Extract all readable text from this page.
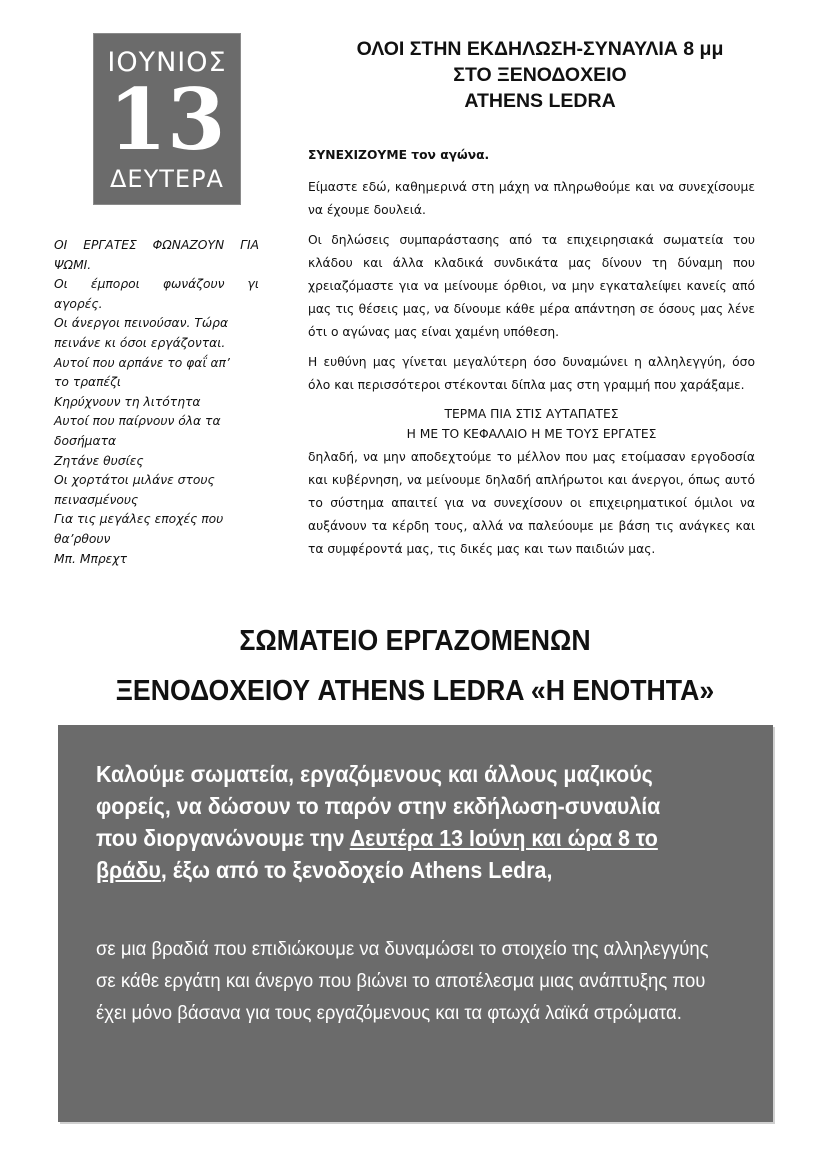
ΙΟΥΝΙΟΣ
13
ΔΕΥΤΕΡΑ
ΟΛΟΙ ΣΤΗΝ ΕΚΔΗΛΩΣΗ-ΣΥΝΑΥΛΙΑ 8 μμ
ΣΤΟ ΞΕΝΟΔΟΧΕΙΟ
ATHENS LEDRA

ΣΥΝΕΧΙΖΟΥΜΕ τον αγώνα.

Είμαστε εδώ, καθημερινά στη μάχη να πληρωθούμε και να συνεχίσουμε να έχουμε δουλειά.

Οι δηλώσεις συμπαράστασης από τα επιχειρησιακά σωματεία του κλάδου και άλλα κλαδικά συνδικάτα μας δίνουν τη δύναμη που χρειαζόμαστε για να μείνουμε όρθιοι, να μην εγκαταλείψει κανείς από μας τις θέσεις μας, να δίνουμε κάθε μέρα απάντηση σε όσους μας λένε ότι ο αγώνας μας είναι χαμένη υπόθεση.

Η ευθύνη μας γίνεται μεγαλύτερη όσο δυναμώνει η αλληλεγγύη, όσο όλο και περισσότεροι στέκονται δίπλα μας στη γραμμή που χαράξαμε.

ΤΕΡΜΑ ΠΙΑ ΣΤΙΣ ΑΥΤΑΠΑΤΕΣ

Η ΜΕ ΤΟ ΚΕΦΑΛΑΙΟ Η ΜΕ ΤΟΥΣ ΕΡΓΑΤΕΣ

δηλαδή, να μην αποδεχτούμε το μέλλον που μας ετοίμασαν εργοδοσία και κυβέρνηση, να μείνουμε δηλαδή απλήρωτοι και άνεργοι, όπως αυτό το σύστημα απαιτεί για να συνεχίσουν οι επιχειρηματικοί όμιλοι να αυξάνουν τα κέρδη τους, αλλά να παλεύουμε με βάση τις ανάγκες και τα συμφέροντά μας, τις δικές μας και των παιδιών μας.

ΟΙ ΕΡΓΑΤΕΣ ΦΩΝΑΖΟΥΝ ΓΙΑ
ΨΩΜΙ.
Οι έμποροι φωνάζουν γι
αγορές.
Οι άνεργοι πεινούσαν. Τώρα
πεινάνε κι όσοι εργάζονται.
Αυτοί που αρπάνε το φαΐ απ’
το τραπέζι
Κηρύχνουν τη λιτότητα
Αυτοί που παίρνουν όλα τα
δοσήματα
Ζητάνε θυσίες
Οι χορτάτοι μιλάνε στους
πεινασμένους
Για τις μεγάλες εποχές που
θα’ρθουν
Μπ. Μπρεχτ
ΣΩΜΑΤΕΙΟ ΕΡΓΑΖΟΜΕΝΩΝ
ΞΕΝΟΔΟΧΕΙΟΥ ATHENS LEDRA «Η ΕΝΟΤΗΤΑ»
Καλούμε σωματεία, εργαζόμενους και άλλους μαζικούς φορείς, να δώσουν το παρόν στην εκδήλωση-συναυλία που διοργανώνουμε την Δευτέρα 13 Ιούνη και ώρα 8 το βράδυ, έξω από το ξενοδοχείο Athens Ledra,
σε μια βραδιά που επιδιώκουμε να δυναμώσει το στοιχείο της αλληλεγγύης σε κάθε εργάτη και άνεργο που βιώνει το αποτέλεσμα μιας ανάπτυξης που έχει μόνο βάσανα για τους εργαζόμενους και τα φτωχά λαϊκά στρώματα.
